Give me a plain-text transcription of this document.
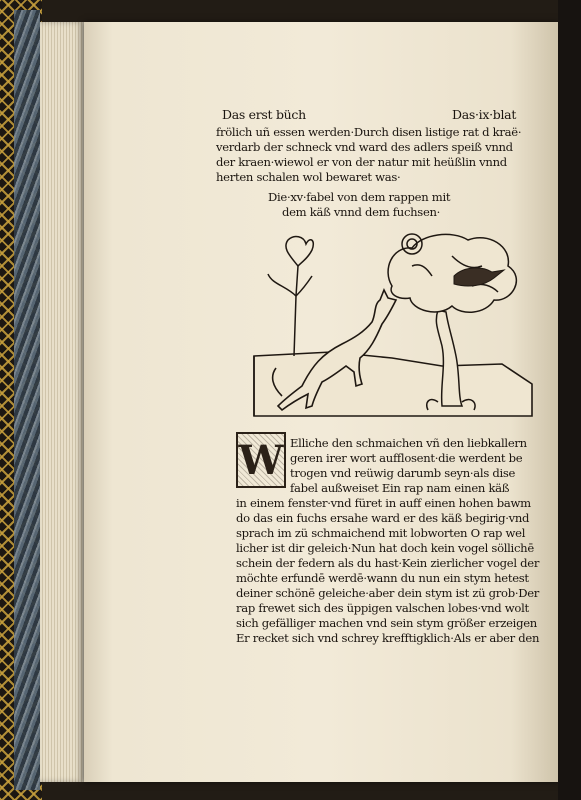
Das erst büch	Das·ix·blat
frölich uñ essen werden·Durch disen listige rat d kraë·
verdarb der schneck vnd ward des adlers speiß vnnd
der kraen·wiewol er von der natur mit heüßlin vnnd
herten schalen wol bewaret was·
Die·xv·fabel von dem rappen mit
dem käß vnnd dem fuchsen·
W Elliche den schmaichen vñ den liebkallern
geren irer wort aufflosent·die werdent be
trogen vnd reüwig darumb seyn·als dise
fabel außweiset Ein rap nam einen käß
in einem fenster·vnd füret in auff einen hohen bawm
do das ein fuchs ersahe ward er des käß begirig·vnd
sprach im zü schmaichend mit lobworten O rap wel
licher ist dir geleich·Nun hat doch kein vogel söllichē
schein der federn als du hast·Kein zierlicher vogel der
möchte erfundē werdē·wann du nun ein stym hetest
deiner schönē geleiche·aber dein stym ist zü grob·Der
rap frewet sich des üppigen valschen lobes·vnd wolt
sich gefälliger machen vnd sein stym größer erzeigen
Er recket sich vnd schrey krefftigklich·Als er aber den
